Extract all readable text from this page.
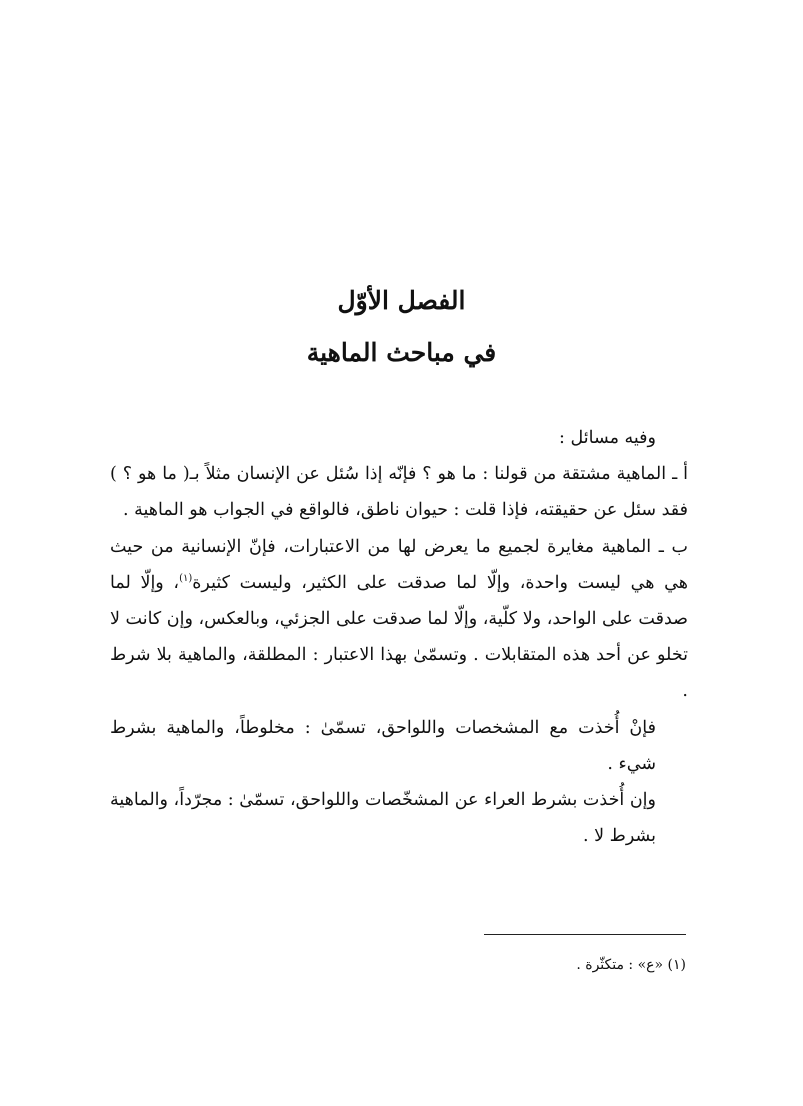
الفصل الأوّل
في مباحث الماهية

وفيه مسائل :

أ ـ الماهية مشتقة من قولنا : ما هو ؟ فإنّه إذا سُئل عن الإنسان مثلاً بـ( ما هو ؟ ) فقد سئل عن حقيقته، فإذا قلت : حيوان ناطق، فالواقع في الجواب هو الماهية .

ب ـ الماهية مغايرة لجميع ما يعرض لها من الاعتبارات، فإنّ الإنسانية من حيث هي هي ليست واحدة، وإلّا لما صدقت على الكثير، وليست كثيرة$^{(١)}$، وإلّا لما صدقت على الواحد، ولا كلّية، وإلّا لما صدقت على الجزئي، وبالعكس، وإن كانت لا تخلو عن أحد هذه المتقابلات . وتسمّىٰ بهذا الاعتبار : المطلقة، والماهية بلا شرط .

فإنْ أُخذت مع المشخصات واللواحق، تسمّىٰ : مخلوطاً، والماهية بشرط شيء .

وإن أُخذت بشرط العراء عن المشخّصات واللواحق، تسمّىٰ : مجرّداً، والماهية بشرط لا .

(١) «ع» : متكثّرة .
